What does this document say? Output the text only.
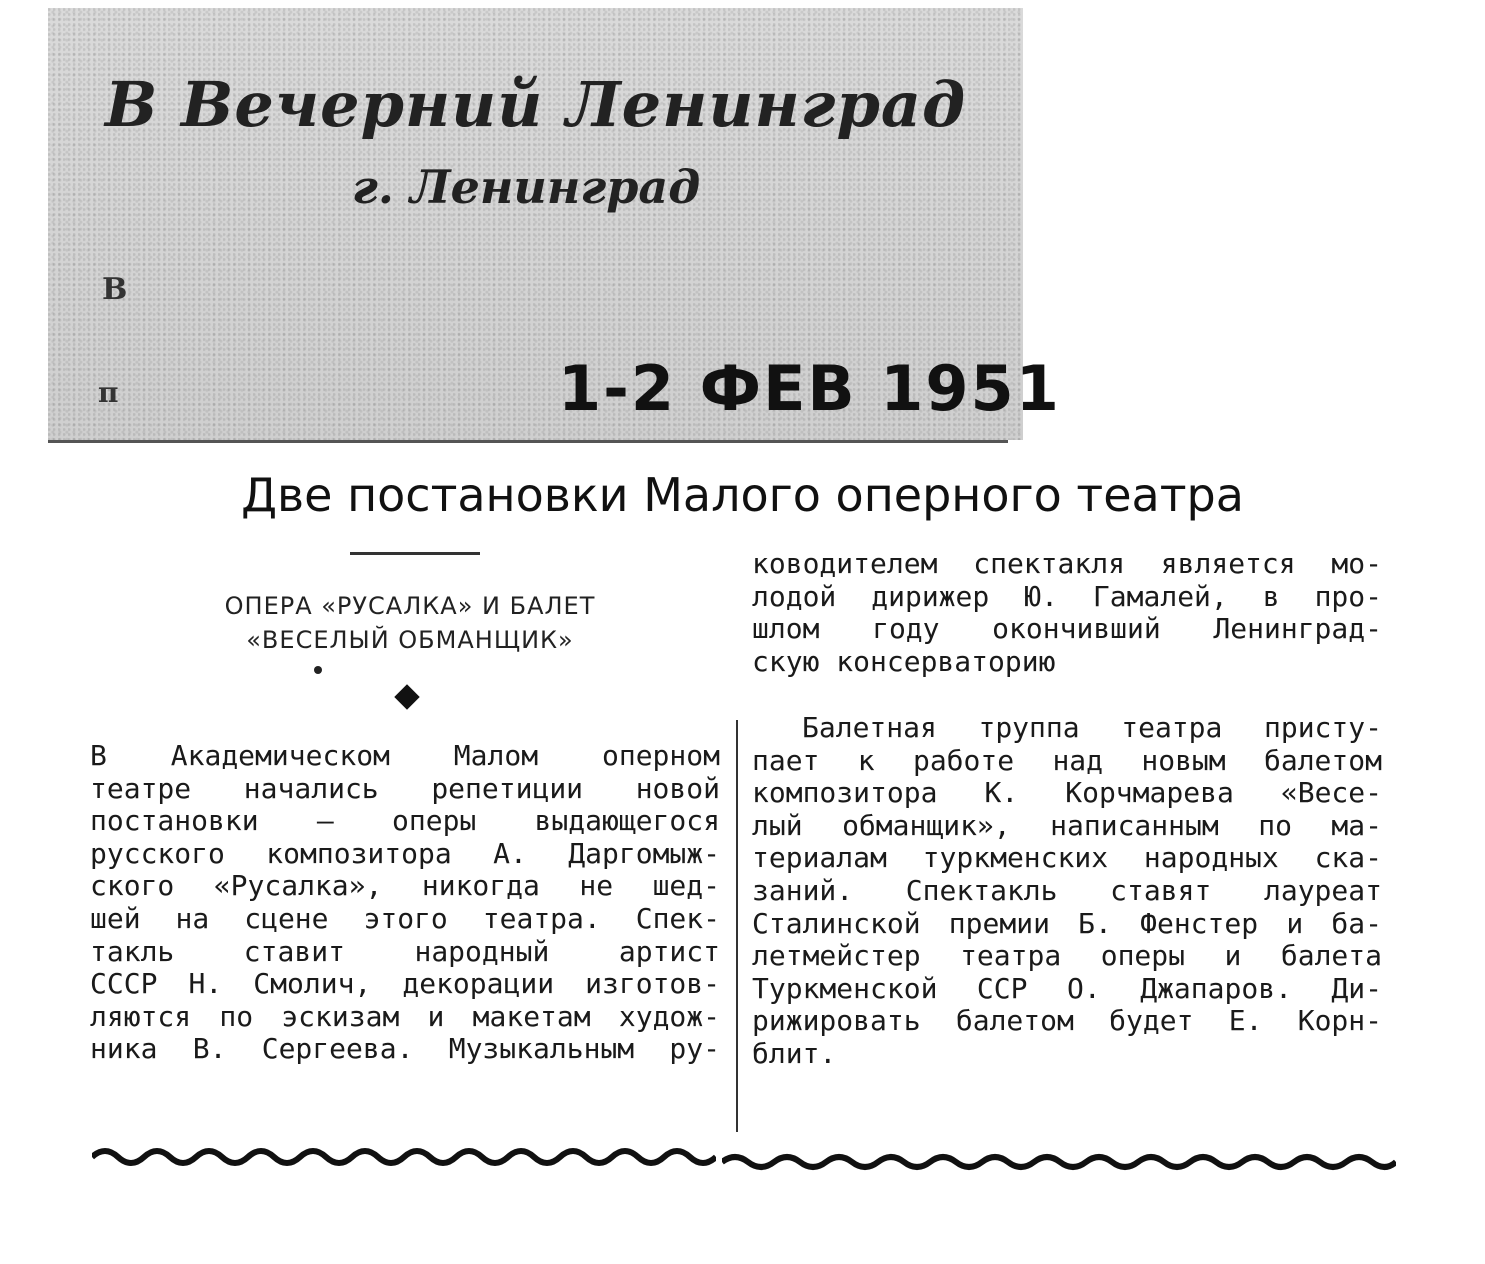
В Вечерний Ленинград
г. Ленинград
В
п	1-2 ФЕВ 1951
Две постановки Малого оперного театра
ОПЕРА «РУСАЛКА» И БАЛЕТ
«ВЕСЕЛЫЙ ОБМАНЩИК»
В Академическом Малом оперном
театре начались репетиции новой
постановки — оперы выдающегося
русского композитора А. Даргомыж-
ского «Русалка», никогда не шед-
шей на сцене этого театра. Спек-
такль ставит народный артист
СССР Н. Смолич, декорации изготов-
ляются по эскизам и макетам худож-
ника В. Сергеева. Музыкальным ру-
ководителем спектакля является мо-
лодой дирижер Ю. Гамалей, в про-
шлом году окончивший Ленинград-
скую консерваторию
Балетная труппа театра присту-
пает к работе над новым балетом
композитора К. Корчмарева «Весе-
лый обманщик», написанным по ма-
териалам туркменских народных ска-
заний. Спектакль ставят лауреат
Сталинской премии Б. Фенстер и ба-
летмейстер театра оперы и балета
Туркменской ССР О. Джапаров. Ди-
рижировать балетом будет Е. Корн-
блит.
